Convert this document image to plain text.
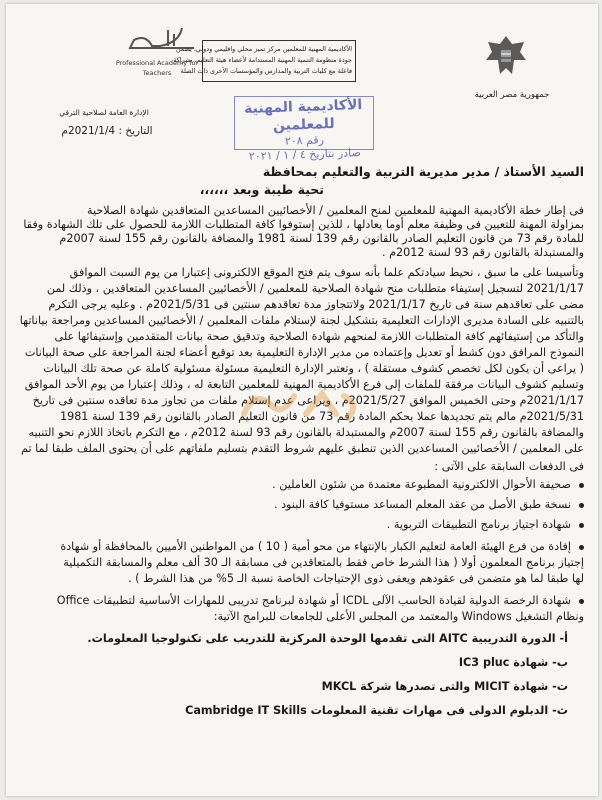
Professional Academy for Teachers
الأكاديمية المهنية للمعلمين مركز تميز محلي واقليمي ودولي، يضمن
جودة منظومة التنمية المهنية المستدامة لأعضاء هيئة التعليم، بشراكة
فاعلة مع كليات التربية والمدارس والمؤسسات الأخرى ذات الصلة
جمهورية مصر العربية
الإدارة العامة لصلاحية الترقي
التاريخ : 2021/1/4م
الأكاديمية المهنية للمعلمين
رقم ٢٠٨
صادر بتاريخ ٤ / ١ / ٢٠٢١
السيد الأستاذ / مدير مديرية التربية والتعليم بمحافظة
تحية طيبة وبعد ،،،،،،
فى إطار خطة الأكاديمية المهنية للمعلمين لمنح المعلمين / الأخصائيين المساعدين المتعاقدين شهادة الصلاحية
بمزاولة المهنة للتعيين فى وظيفة معلم أوما يعادلها ، للذين إستوفوا كافة المتطلبات اللازمة للحصول على تلك الشهادة وفقا
للمادة رقم 73 من قانون التعليم الصادر بالقانون رقم 139 لسنة 1981 والمضافة بالقانون رقم 155 لسنة 2007م
والمستبدلة بالقانون رقم 93 لسنة 2012م .
وتأسيسا على ما سبق ، نحيط سيادتكم علما بأنه سوف يتم فتح الموقع الالكترونى إعتبارا من يوم السبت الموافق
2021/1/17 لتسجيل إستيفاء متطلبات منح شهادة الصلاحية للمعلمين / الأخصائيين المساعدين المتعاقدين ، وذلك لمن
مضى على تعاقدهم سنة فى تاريخ 2021/1/17 ولاتتجاوز مدة تعاقدهم سنتين فى 2021/5/31م . وعليه يرجى التكرم
بالتنبيه على السادة مديرى الإدارات التعليمية بتشكيل لجنة لإستلام ملفات المعلمين / الأخصائيين المساعدين ومراجعة بياناتها
والتأكد من إستيفائهم كافة المتطلبات اللازمة لمنحهم شهادة الصلاحية وتدقيق صحة بيانات المتقدمين وإستيفائها على
النموذج المرافق دون كشط أو تعديل وإعتماده من مدير الإدارة التعليمية بعد توقيع أعضاء لجنة المراجعة على صحة البيانات
( يراعى أن يكون لكل تخصص كشوف مستقلة ) ، وتعتبر الإدارة التعليمية مسئولة مسئولية كاملة عن صحة تلك البيانات
وتسليم كشوف البيانات مرفقة للملفات إلى فرع الأكاديمية المهنية للمعلمين التابعة له ، وذلك إعتبارا من يوم الأحد الموافق
2021/1/17م وحتى الخميس الموافق 2021/5/27م ، ويراعى عدم إستلام ملفات من تجاوز مدة تعاقده سنتين فى تاريخ
2021/5/31م مالم يتم تجديدها عملا بحكم المادة رقم 73 من قانون التعليم الصادر بالقانون رقم 139 لسنة 1981
والمضافة بالقانون رقم 155 لسنة 2007م والمستبدلة بالقانون رقم 93 لسنة 2012م ، مع التكرم باتخاذ اللازم نحو التنبيه
على المعلمين / الأخصائيين المساعدين الذين تنطبق عليهم شروط التقدم بتسليم ملفاتهم على أن يحتوى الملف طبقا لما تم
فى الدفعات السابقة على الآتى :
صحيفة الأحوال الالكترونية المطبوعة معتمدة من شئون العاملين .
نسخة طبق الأصل من عقد المعلم المساعد مستوفيا كافة البنود .
شهادة اجتياز برنامج التطبيقات التربوية .
إفادة من فرع الهيئة العامة لتعليم الكبار بالإنتهاء من محو أمية ( 10 ) من المواطنين الأميين بالمحافظة أو شهادة
إجتياز برنامج المعلمون أولا ( هذا الشرط خاص فقط بالمتعاقدين فى مسابقة الـ 30 ألف معلم والمسابقة التكميلية
لها طبقا لما هو متضمن فى عقودهم ويعفى ذوى الإحتياجات الخاصة نسبة الـ 5% من هذا الشرط ) .
شهادة الرخصة الدولية لقيادة الحاسب الآلى ICDL أو شهادة لبرنامج تدريبى للمهارات الأساسية لتطبيقات Office
ونظام التشغيل Windows والمعتمد من المجلس الأعلى للجامعات للبرامج الآتية:
أ- الدورة التدريبية AITC التى تقدمها الوحدة المركزية للتدريب على تكنولوجيا المعلومات.
ب- شهادة IC3 pluc
ت- شهادة MICIT والتى تصدرها شركة MKCL
ث- الدبلوم الدولى فى مهارات تقنية المعلومات Cambridge IT Skills
